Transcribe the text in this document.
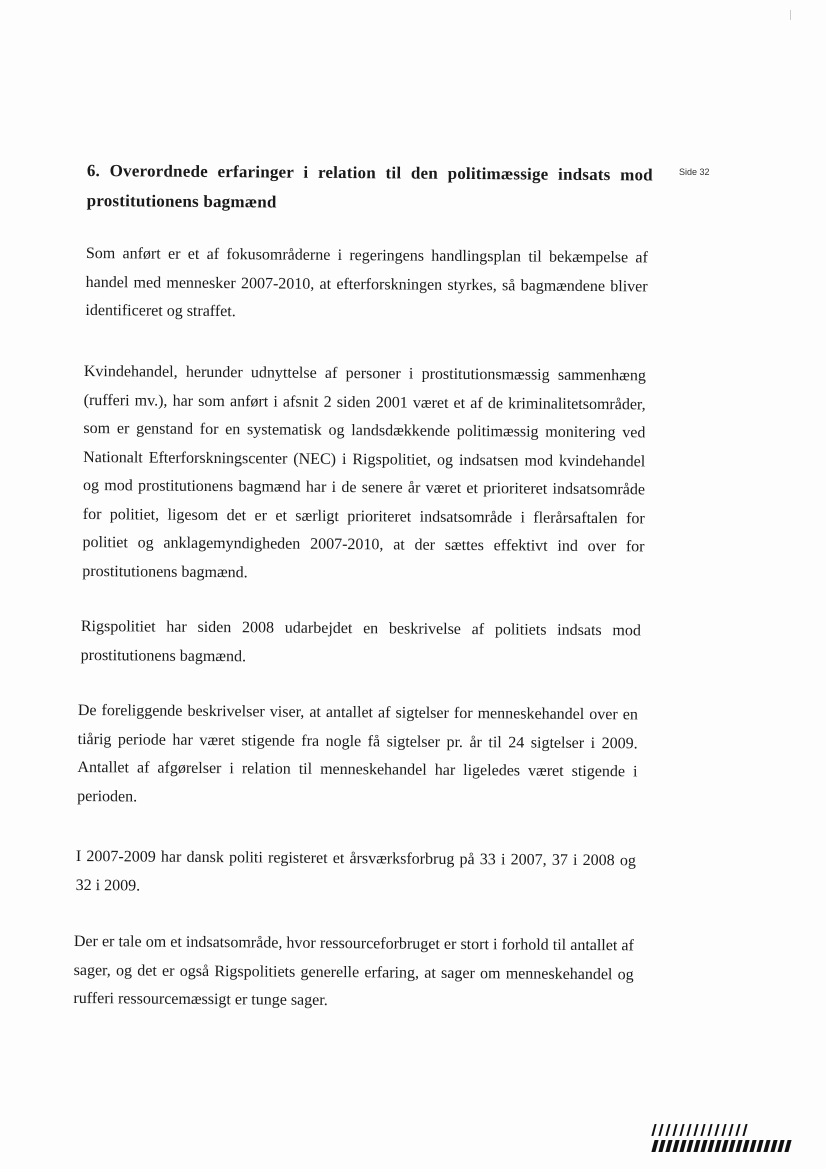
6. Overordnede erfaringer i relation til den politimæssige indsats mod prostitutionens bagmænd
Side 32

Som anført er et af fokusområderne i regeringens handlingsplan til bekæmpelse af handel med mennesker 2007-2010, at efterforskningen styrkes, så bagmændene bliver identificeret og straffet.

Kvindehandel, herunder udnyttelse af personer i prostitutionsmæssig sammenhæng (rufferi mv.), har som anført i afsnit 2 siden 2001 været et af de kriminalitetsområder, som er genstand for en systematisk og landsdækkende politimæssig monitering ved Nationalt Efterforskningscenter (NEC) i Rigspolitiet, og indsatsen mod kvindehandel og mod prostitutionens bagmænd har i de senere år været et prioriteret indsatsområde for politiet, ligesom det er et særligt prioriteret indsatsområde i flerårsaftalen for politiet og anklagemyndigheden 2007-2010, at der sættes effektivt ind over for prostitutionens bagmænd.

Rigspolitiet har siden 2008 udarbejdet en beskrivelse af politiets indsats mod prostitutionens bagmænd.

De foreliggende beskrivelser viser, at antallet af sigtelser for menneskehandel over en tiårig periode har været stigende fra nogle få sigtelser pr. år til 24 sigtelser i 2009. Antallet af afgørelser i relation til menneskehandel har ligeledes været stigende i perioden.

I 2007-2009 har dansk politi registeret et årsværksforbrug på 33 i 2007, 37 i 2008 og 32 i 2009.

Der er tale om et indsatsområde, hvor ressourceforbruget er stort i forhold til antallet af sager, og det er også Rigspolitiets generelle erfaring, at sager om menneskehandel og rufferi ressourcemæssigt er tunge sager.
